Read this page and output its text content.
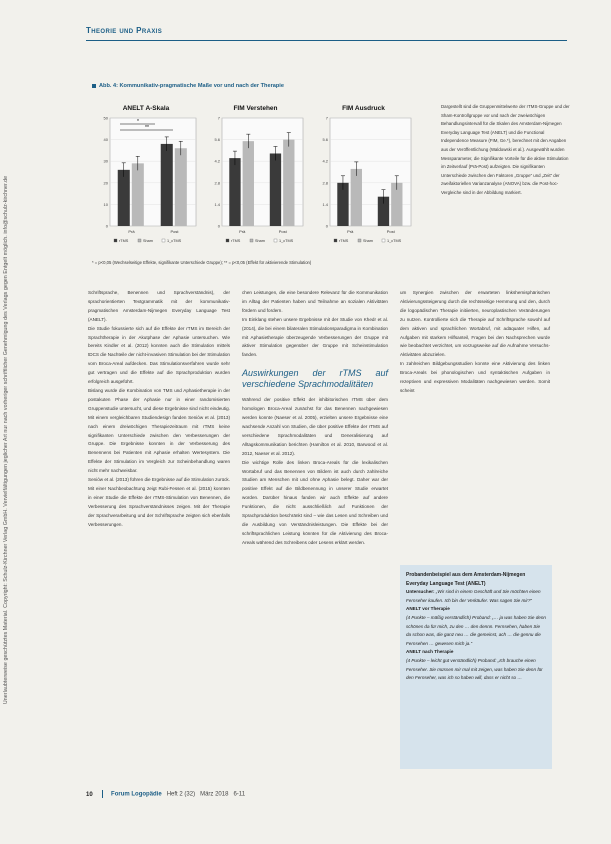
Unerlaubterweise geschütztes Material. Copyright: Schulz-Kirchner Verlag GmbH. Vervielfältigungen jeglicher Art nur nach vorheriger schriftlicher Genehmigung des Verlags gegen Entgelt möglich. info@schulz-kirchner.de
Theorie und Praxis
Abb. 4: Kommunikativ-pragmatische Maße vor und nach der Therapie
ANELT A-Skala
0
10
20
30
40
50
Prä	Post
rTMS	Sham	1_cTMS
*
**
FIM Verstehen
0
1.4
2.8
4.2
5.6
7
Prä	Post
rTMS	Sham	1_cTMS
FIM Ausdruck
0
1.4
2.8
4.2
5.6
7
Prä	Post
rTMS	Sham	1_cTMS
* = p<0,05 (Wechselseitige Effekte, signifikante Unterschiede Gruppe); ** = p<0,05 (Effekt für aktivierende Stimulation)
Dargestellt sind die Gruppenmittelwerte der rTMS-Gruppe und der Sham-Kontrollgruppe vor und nach der zweiwöchigen Behandlungsintervall für die Skalen des Amsterdam-Nijmegen Everyday Language Test (ANELT) und die Functional Independence Measure (FIM, Ge.*), berechnet mit den Angaben aus der Veröffentlichung (Waldowski et al.). Ausgewählt wurden Messparameter, die Signifikante Vorteile für die aktive Stimulation im Zeitverlauf (Prä-Post) aufzeigten. Die signifikanten Unterschiede zwischen den Faktoren „Gruppe“ und „Zeit“ der zweifaktoriellen Varianzanalyse (ANOVA) bzw. die Post-hoc-Vergleiche sind in der Abbildung markiert.

Schriftsprache, Benennen und Sprachverständnis), der sprachorientierten Textgrammatik mit der kommunikativ-pragmatischen Amsterdam-Nijmegen Everyday Language Test (ANELT).

Die Studie fokussierte sich auf die Effekte der rTMS im Bereich der Sprachtherapie in der Akutphase der Aphasie untersuchen. Wie bereits Kindler et al. (2012) konnten auch die Stimulation mittels tDCS die Nachteile der nicht-invasiven Stimulation bei der Stimulation vom Broca-Areal aufdecken. Das Stimulationsverfahren wurde sehr gut vertragen und die Effekte auf die Sprachproduktion wurden erfolgreich ausgeführt.

Bislang wurde die Kombination von TMS und Aphasietherapie in der postakuten Phase der Aphasie nur in einer randomisierten Gruppenstudie untersucht, und diese Ergebnisse sind nicht eindeutig. Mit einem vergleichbaren Studiendesign fanden Seniów et al. (2013) nach einem dreiwöchigen Therapiezeitraum mit rTMS keine signifikanten Unterschiede zwischen den Verbesserungen der Gruppe. Die Ergebnisse konnten in der Verbesserung des Benennens bei Patienten mit Aphasie erhalten Wertesystem. Die Effekte der Stimulation im Vergleich zur Scheinbehandlung waren nicht mehr nachweisbar.

Seniów et al. (2013) führen die Ergebnisse auf die Stimulation zurück. Mit einer Nachbeobachtung zeigt Rubi-Fessen et al. (2015) konnten in einer Studie die Effekte der rTMS-Stimulation von Benennen, die Verbesserung des Sprachverständnisses zeigen. Mit der Therapie der Sprachverarbeitung und der Schriftsprache zeigten sich ebenfalls Verbesserungen.

chen Leistungen, die eine besondere Relevanz für die Kommunikation im Alltag der Patienten haben und Teilnahme an sozialen Aktivitäten fördern und fordern.

Im Einklang stehen unsere Ergebnisse mit der Studie von Khedr et al. (2014), die bei einem bilateralen Stimulationsparadigma in Kombination mit Aphasietherapie überzeugende Verbesserungen der Gruppe mit aktiver Stimulation gegenüber der Gruppe mit Scheinstimulation fanden.

Auswirkungen der rTMS auf verschiedene Sprachmodalitäten

Während der positive Effekt der inhibitorischen rTMS über dem homologen Broca-Areal zunächst für das Benennen nachgewiesen werden konnte (Naeser et al. 2005), erzielten unsere Ergebnisse eine wachsende Anzahl von Studien, die über positive Effekte der rTMS auf verschiedene Sprachmodalitäten und Generalisierung auf Alltagskommunikation berichten (Hamilton et al. 2010, Barwood et al. 2012, Naeser et al. 2012).

Die wichtige Rolle des linken Broca-Areals für die lexikalischen Wortabruf und das Benennen von Bildern ist auch durch zahlreiche Studien am Menschen mit und ohne Aphasie belegt. Daher war der positive Effekt auf die Bildbenennung in unserer Studie erwartet worden. Darüber hinaus fanden wir auch Effekte auf andere Funktionen, die nicht ausschließlich auf Funktionen der Sprachproduktion beschränkt sind – wie das Lesen und Schreiben und die Ausbildung von Verständnisleistungen. Die Effekte bei der schriftsprachlichen Leistung könnten für die Aktivierung des Broca-Areals während des Schreibens oder Lesens erklärt werden.

um Synergien zwischen der erwarteten linkshemisphärischen Aktivierungssteigerung durch die rechtsseitige Hemmung und den, durch die logopädischen Therapie initiierten, neuroplastischen Veränderungen zu nutzen. Kontrollierte sich die Therapie auf Schriftsprache sowohl auf dem aktiven und sprachlichen Wortabruf, mit adäquater Hilfen, auf Aufgaben mit starkem Hilfsanteil, Fragen bei den Nachsprechen wurde wie beobachtet verzichtet, um vorzugsweise auf die Aufnahme Versuchs-Aktivitäten abzuzielen.

In zahlreichen Bildgebungsstudien konnte eine Aktivierung des linken Broca-Areals bei phonologischen und syntaktischen Aufgaben in rezeptiven und expressiven Modalitäten nachgewiesen werden. Somit scheint

Probandenbeispiel aus dem Amsterdam-Nijmegen Everyday Language Test (ANELT)
Untersucher: „Wir sind in einem Geschäft und Sie möchten einen Fernseher kaufen. Ich bin der Verkäufer. Was sagen Sie mir?“
ANELT vor Therapie
(4 Punkte – mäßig verständlich) Proband: „… ja was haben Sie denn schönes da für mich, zu den … den dennn. Fernsehen, haben Sie da schon was, die ganz neu … die gemeinst, ach … die gennu die Fernsehen … gewesen mich ja.“
ANELT nach Therapie
(4 Punkte – leicht gut verständlich) Proband: „Ich brauche einen Fernseher. Sie müssen mir mal mit zeigen, was haben Sie denn für den Fernseher, was ich so haben will, dass er nicht so …
10	Forum Logopädie Heft 2 (32) März 2018 6-11
